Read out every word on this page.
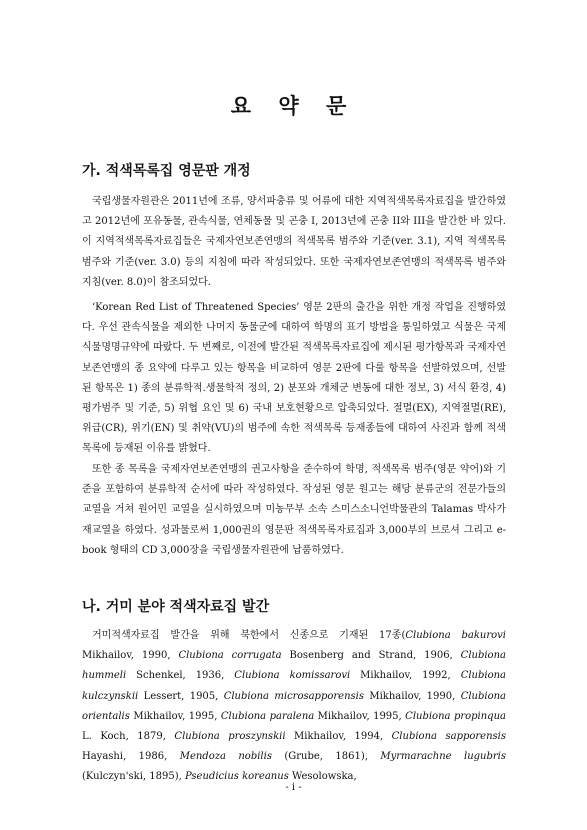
요 약 문
가. 적색목록집 영문판 개정

국립생물자원관은 2011년에 조류, 양서파충류 및 어류에 대한 지역적색목록자료집을 발간하였고 2012년에 포유동물, 관속식물, 연체동물 및 곤충 I, 2013년에 곤충 II와 III을 발간한 바 있다. 이 지역적색목록자료집들은 국제자연보존연맹의 적색목록 범주와 기준(ver. 3.1), 지역 적색목록 범주와 기준(ver. 3.0) 등의 지침에 따라 작성되었다. 또한 국제자연보존연맹의 적색목록 범주와 지침(ver. 8.0)이 참조되었다.

‘Korean Red List of Threatened Species’ 영문 2판의 출간을 위한 개정 작업을 진행하였다. 우선 관속식물을 제외한 나머지 동물군에 대하여 학명의 표기 방법을 통일하였고 식물은 국제식물명명규약에 따랐다. 두 번째로, 이전에 발간된 적색목록자료집에 제시된 평가항목과 국제자연보존연맹의 종 요약에 다루고 있는 항목을 비교하여 영문 2판에 다룰 항목을 선발하였으며, 선발된 항목은 1) 종의 분류학적.생물학적 정의, 2) 분포와 개체군 변동에 대한 정보, 3) 서식 환경, 4) 평가범주 및 기준, 5) 위협 요인 및 6) 국내 보호현황으로 압축되었다. 절멸(EX), 지역절멸(RE), 위급(CR), 위기(EN) 및 취약(VU)의 범주에 속한 적색목록 등재종들에 대하여 사진과 함께 적색목록에 등재된 이유를 밝혔다.

또한 종 목록을 국제자연보존연맹의 권고사항을 준수하여 학명, 적색목록 범주(영문 약어)와 기준을 포함하여 분류학적 순서에 따라 작성하였다. 작성된 영문 원고는 해당 분류군의 전문가들의 교열을 거쳐 원어민 교열을 실시하였으며 미농무부 소속 스미스소니언박물관의 Talamas 박사가 재교열을 하였다. 성과물로써 1,000권의 영문판 적색목록자료집과 3,000부의 브로셔 그리고 e-book 형태의 CD 3,000장을 국립생물자원관에 납품하였다.

나. 거미 분야 적색자료집 발간

거미적색자료집 발간을 위해 북한에서 신종으로 기재된 17종(Clubiona bakurovi Mikhailov, 1990, Clubiona corrugata Bosenberg and Strand, 1906, Clubiona hummeli Schenkel, 1936, Clubiona komissarovi Mikhailov, 1992, Clubiona kulczynskii Lessert, 1905, Clubiona microsapporensis Mikhailov, 1990, Clubiona orientalis Mikhailov, 1995, Clubiona paralena Mikhailov, 1995, Clubiona propinqua L. Koch, 1879, Clubiona proszynskii Mikhailov, 1994, Clubiona sapporensis Hayashi, 1986, Mendoza nobilis (Grube, 1861), Myrmarachne lugubris (Kulczyn'ski, 1895), Pseudicius koreanus Wesolowska,

- i -
